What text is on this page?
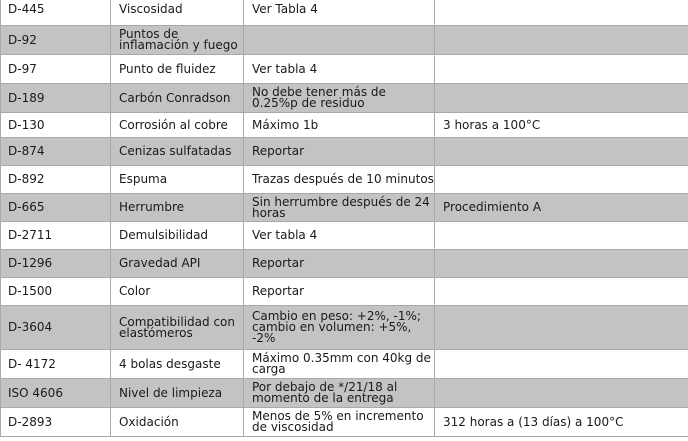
D-445	Viscosidad	Ver Tabla 4	
D-92	Puntos de inflamación y fuego		
D-97	Punto de fluidez	Ver tabla 4	
D-189	Carbón Conradson	No debe tener más de 0.25%p de residuo	
D-130	Corrosión al cobre	Máximo 1b	3 horas a 100°C
D-874	Cenizas sulfatadas	Reportar	
D-892	Espuma	Trazas después de 10 minutos	
D-665	Herrumbre	Sin herrumbre después de 24 horas	Procedimiento A
D-2711	Demulsibilidad	Ver tabla 4	
D-1296	Gravedad API	Reportar	
D-1500	Color	Reportar	
D-3604	Compatibilidad con elastómeros	Cambio en peso: +2%, -1%; cambio en volumen: +5%, -2%	
D- 4172	4 bolas desgaste	Máximo 0.35mm con 40kg de carga	
ISO 4606	Nivel de limpieza	Por debajo de */21/18 al momento de la entrega	
D-2893	Oxidación	Menos de 5% en incremento de viscosidad	312 horas a (13 días) a 100°C
